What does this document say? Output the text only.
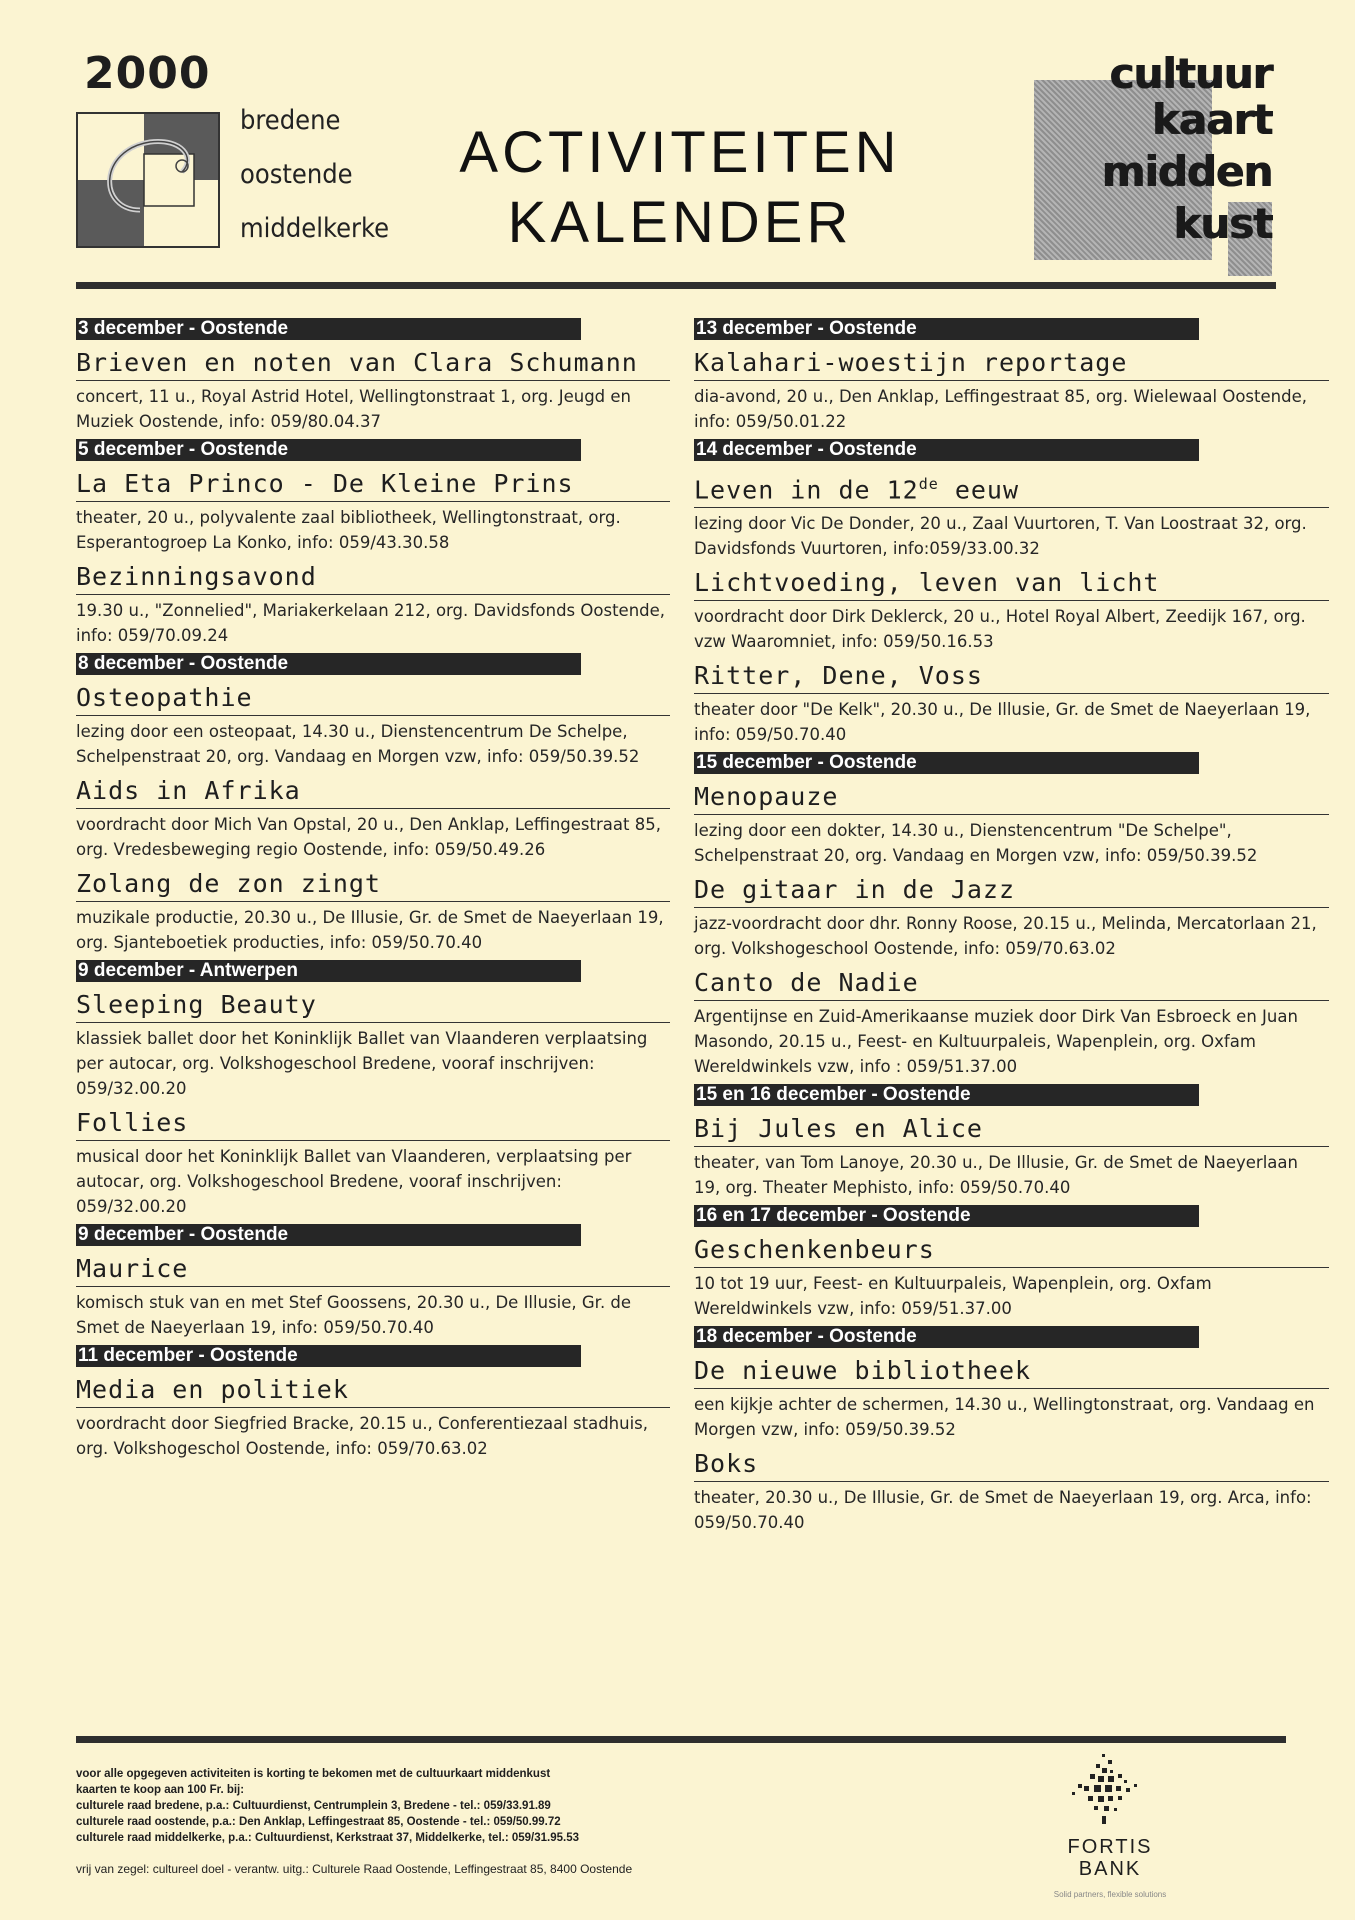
2000
bredene
oostende
middelkerke
ACTIVITEITEN
KALENDER
cultuur
kaart
midden
kust
3 december - Oostende
Brieven en noten van Clara Schumann
concert, 11 u., Royal Astrid Hotel, Wellingtonstraat 1, org. Jeugd en Muziek Oostende, info: 059/80.04.37
5 december - Oostende
La Eta Princo - De Kleine Prins
theater, 20 u., polyvalente zaal bibliotheek, Wellingtonstraat, org. Esperantogroep La Konko, info: 059/43.30.58
Bezinningsavond
19.30 u., "Zonnelied", Mariakerkelaan 212, org. Davidsfonds Oostende, info: 059/70.09.24
8 december - Oostende
Osteopathie
lezing door een osteopaat, 14.30 u., Dienstencentrum De Schelpe, Schelpenstraat 20, org. Vandaag en Morgen vzw, info: 059/50.39.52
Aids in Afrika
voordracht door Mich Van Opstal, 20 u., Den Anklap, Leffingestraat 85, org. Vredesbeweging regio Oostende, info: 059/50.49.26
Zolang de zon zingt
muzikale productie, 20.30 u., De Illusie, Gr. de Smet de Naeyerlaan 19, org. Sjanteboetiek producties, info: 059/50.70.40
9 december - Antwerpen
Sleeping Beauty
klassiek ballet door het Koninklijk Ballet van Vlaanderen verplaatsing per autocar, org. Volkshogeschool Bredene, vooraf inschrijven: 059/32.00.20
Follies
musical door het Koninklijk Ballet van Vlaanderen, verplaatsing per autocar, org. Volkshogeschool Bredene, vooraf inschrijven: 059/32.00.20
9 december - Oostende
Maurice
komisch stuk van en met Stef Goossens, 20.30 u., De Illusie, Gr. de Smet de Naeyerlaan 19, info: 059/50.70.40
11 december - Oostende
Media en politiek
voordracht door Siegfried Bracke, 20.15 u., Conferentiezaal stadhuis, org. Volkshogeschol Oostende, info: 059/70.63.02
13 december - Oostende
Kalahari-woestijn reportage
dia-avond, 20 u., Den Anklap, Leffingestraat 85, org. Wielewaal Oostende, info: 059/50.01.22
14 december - Oostende
Leven in de 12de eeuw
lezing door Vic De Donder, 20 u., Zaal Vuurtoren, T. Van Loostraat 32, org. Davidsfonds Vuurtoren, info:059/33.00.32
Lichtvoeding, leven van licht
voordracht door Dirk Deklerck, 20 u., Hotel Royal Albert, Zeedijk 167, org. vzw Waaromniet, info: 059/50.16.53
Ritter, Dene, Voss
theater door "De Kelk", 20.30 u., De Illusie, Gr. de Smet de Naeyerlaan 19, info: 059/50.70.40
15 december - Oostende
Menopauze
lezing door een dokter, 14.30 u., Dienstencentrum "De Schelpe", Schelpenstraat 20, org. Vandaag en Morgen vzw, info: 059/50.39.52
De gitaar in de Jazz
jazz-voordracht door dhr. Ronny Roose, 20.15 u., Melinda, Mercatorlaan 21, org. Volkshogeschool Oostende, info: 059/70.63.02
Canto de Nadie
Argentijnse en Zuid-Amerikaanse muziek door Dirk Van Esbroeck en Juan Masondo, 20.15 u., Feest- en Kultuurpaleis, Wapenplein, org. Oxfam Wereldwinkels vzw, info : 059/51.37.00
15 en 16 december - Oostende
Bij Jules en Alice
theater, van Tom Lanoye, 20.30 u., De Illusie, Gr. de Smet de Naeyerlaan 19, org. Theater Mephisto, info: 059/50.70.40
16 en 17 december - Oostende
Geschenkenbeurs
10 tot 19 uur, Feest- en Kultuurpaleis, Wapenplein, org. Oxfam Wereldwinkels vzw, info: 059/51.37.00
18 december - Oostende
De nieuwe bibliotheek
een kijkje achter de schermen, 14.30 u., Wellingtonstraat, org. Vandaag en Morgen vzw, info: 059/50.39.52
Boks
theater, 20.30 u., De Illusie, Gr. de Smet de Naeyerlaan 19, org. Arca, info: 059/50.70.40
voor alle opgegeven activiteiten is korting te bekomen met de cultuurkaart middenkust
kaarten te koop aan 100 Fr. bij:
culturele raad bredene, p.a.: Cultuurdienst, Centrumplein 3, Bredene - tel.: 059/33.91.89
culturele raad oostende, p.a.: Den Anklap, Leffingestraat 85, Oostende - tel.: 059/50.99.72
culturele raad middelkerke, p.a.: Cultuurdienst, Kerkstraat 37, Middelkerke, tel.: 059/31.95.53
vrij van zegel: cultureel doel - verantw. uitg.: Culturele Raad Oostende, Leffingestraat 85, 8400 Oostende
FORTIS
BANK
Solid partners, flexible solutions
